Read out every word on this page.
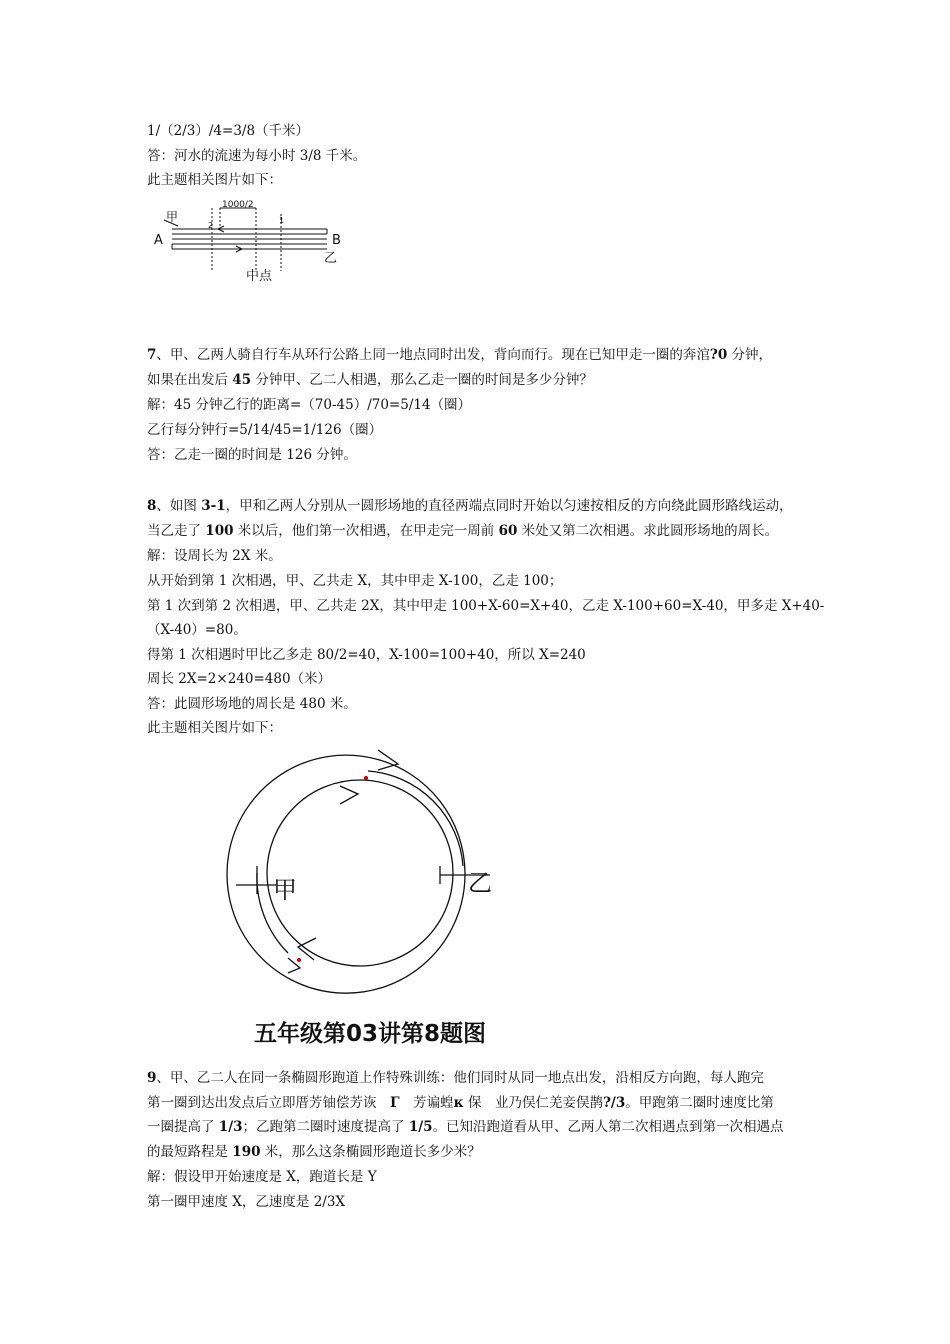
1/（2/3）/4=3/8（千米）
答：河水的流速为每小时 3/8 千米。
此主题相关图片如下：
1000/2
甲
A	B
乙
2
1
中点
7、甲、乙两人骑自行车从环行公路上同一地点同时出发，背向而行。现在已知甲走一圈的奔涫?0 分钟，
如果在出发后 45 分钟甲、乙二人相遇，那么乙走一圈的时间是多少分钟？
解：45 分钟乙行的距离=（70-45）/70=5/14（圈）
乙行每分钟行=5/14/45=1/126（圈）
答：乙走一圈的时间是 126 分钟。
8、如图 3-1，甲和乙两人分别从一圆形场地的直径两端点同时开始以匀速按相反的方向绕此圆形路线运动，
当乙走了 100 米以后，他们第一次相遇，在甲走完一周前 60 米处又第二次相遇。求此圆形场地的周长。
解：设周长为 2X 米。
从开始到第 1 次相遇，甲、乙共走 X，其中甲走 X-100，乙走 100；
第 1 次到第 2 次相遇，甲、乙共走 2X，其中甲走 100+X-60=X+40，乙走 X-100+60=X-40，甲多走 X+40-
（X-40）=80。
得第 1 次相遇时甲比乙多走 80/2=40，X-100=100+40，所以 X=240
周长 2X=2×240=480（米）
答：此圆形场地的周长是 480 米。
此主题相关图片如下：
甲	乙
五年级第03讲第8题图
9、甲、乙二人在同一条椭圆形跑道上作特殊训练：他们同时从同一地点出发，沿相反方向跑，每人跑完
第一圈到达出发点后立即厝芳铀偿芳诙　 Γ　 芳谝蝗κ 保　业乃俣仁羌妾俣鹊?/3。甲跑第二圈时速度比第
一圈提高了 1/3；乙跑第二圈时速度提高了 1/5。已知沿跑道看从甲、乙两人第二次相遇点到第一次相遇点
的最短路程是 190 米，那么这条椭圆形跑道长多少米？
解：假设甲开始速度是 X，跑道长是 Y
第一圈甲速度 X，乙速度是 2/3X
